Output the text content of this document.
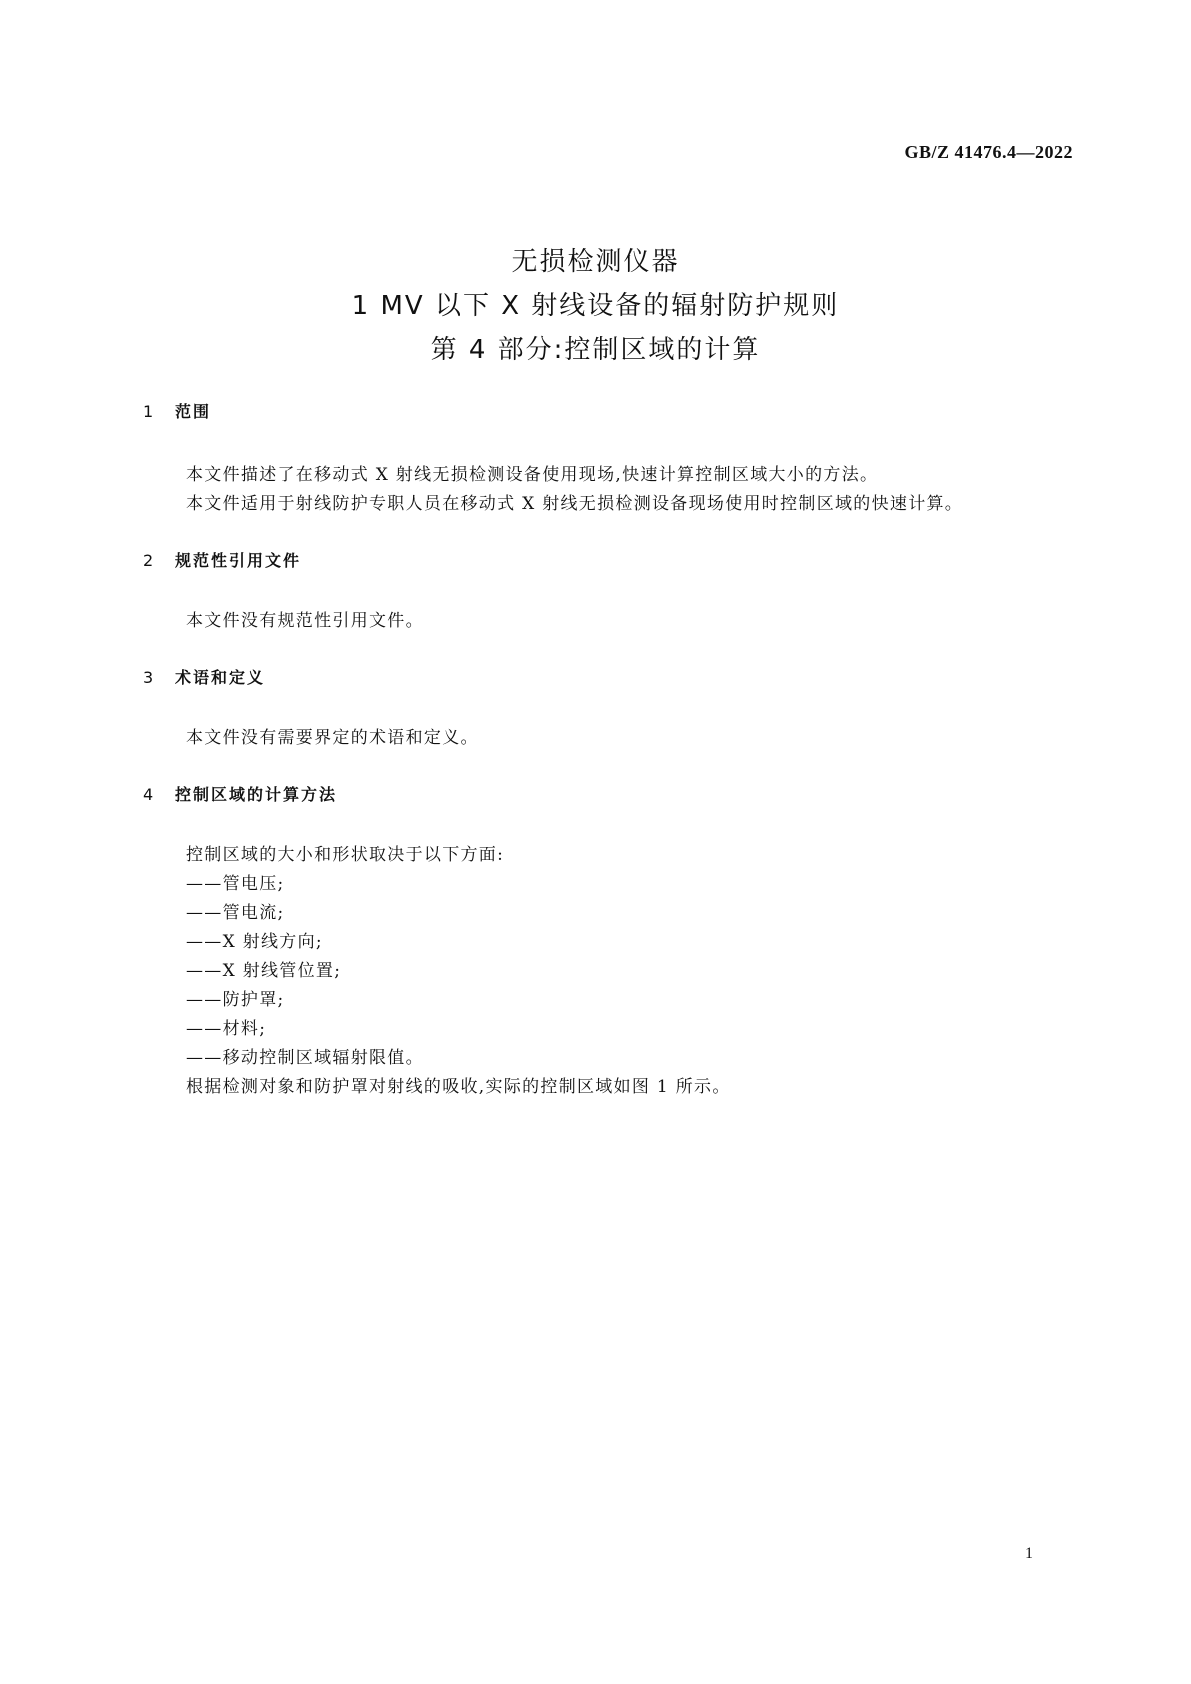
GB/Z 41476.4—2022
无损检测仪器
1 MV 以下 X 射线设备的辐射防护规则
第 4 部分:控制区域的计算
1 范围
本文件描述了在移动式 X 射线无损检测设备使用现场,快速计算控制区域大小的方法。
本文件适用于射线防护专职人员在移动式 X 射线无损检测设备现场使用时控制区域的快速计算。
2 规范性引用文件
本文件没有规范性引用文件。
3 术语和定义
本文件没有需要界定的术语和定义。
4 控制区域的计算方法
控制区域的大小和形状取决于以下方面:
——管电压;
——管电流;
——X 射线方向;
——X 射线管位置;
——防护罩;
——材料;
——移动控制区域辐射限值。
根据检测对象和防护罩对射线的吸收,实际的控制区域如图 1 所示。
1
